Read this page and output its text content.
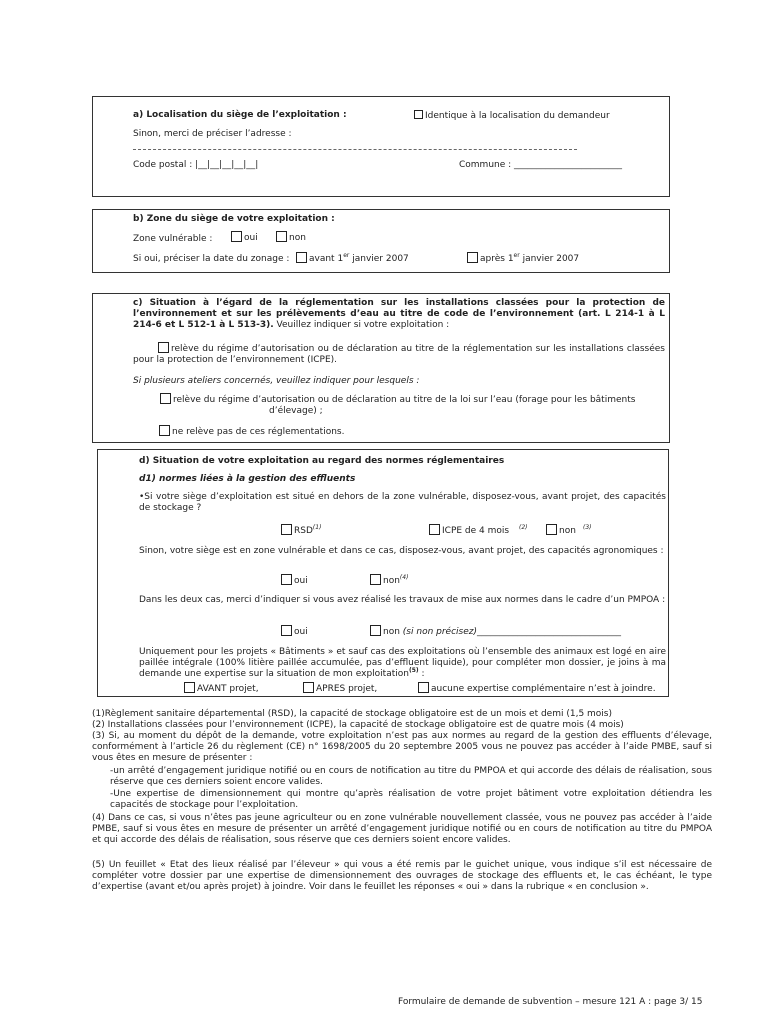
a) Localisation du siège de l’exploitation :	Identique à la localisation du demandeur
Sinon, merci de préciser l’adresse :
Code postal : |__|__|__|__|__|	Commune : ________________________
b) Zone du siège de votre exploitation :
Zone vulnérable :	oui	non
Si oui, préciser la date du zonage :	avant 1er janvier 2007	après 1er janvier 2007
c) Situation à l’égard de la réglementation sur les installations classées pour la protection de l’environnement et sur les prélèvements d’eau au titre de code de l’environnement (art. L 214-1 à L 214-6 et L 512-1 à L 513-3). Veuillez indiquer si votre exploitation :
relève du régime d’autorisation ou de déclaration au titre de la réglementation sur les installations classées pour la protection de l’environnement (ICPE).
Si plusieurs ateliers concernés, veuillez indiquer pour lesquels :
relève du régime d’autorisation ou de déclaration au titre de la loi sur l’eau (forage pour les bâtiments
d’élevage) ;
ne relève pas de ces réglementations.
d) Situation de votre exploitation au regard des normes réglementaires
d1) normes liées à la gestion des effluents
•Si votre siège d’exploitation est situé en dehors de la zone vulnérable, disposez-vous, avant projet, des capacités de stockage ?
RSD$^{(1)}$	ICPE de 4 mois (2)	non (3)
Sinon, votre siège est en zone vulnérable et dans ce cas, disposez-vous, avant projet, des capacités agronomiques :
oui	non$^{(4)}$
Dans les deux cas, merci d’indiquer si vous avez réalisé les travaux de mise aux normes dans le cadre d’un PMPOA :
oui	non (si non précisez)________________________________
Uniquement pour les projets « Bâtiments » et sauf cas des exploitations où l’ensemble des animaux est logé en aire paillée intégrale (100% litière paillée accumulée, pas d’effluent liquide), pour compléter mon dossier, je joins à ma demande une expertise sur la situation de mon exploitation$^{(5)}$ :
AVANT projet,	APRES projet,	aucune expertise complémentaire n’est à joindre.
(1)Règlement sanitaire départemental (RSD), la capacité de stockage obligatoire est de un mois et demi (1,5 mois)
(2) Installations classées pour l’environnement (ICPE), la capacité de stockage obligatoire est de quatre mois (4 mois)
(3) Si, au moment du dépôt de la demande, votre exploitation n’est pas aux normes au regard de la gestion des effluents d’élevage, conformément à l’article 26 du règlement (CE) n° 1698/2005 du 20 septembre 2005 vous ne pouvez pas accéder à l’aide PMBE, sauf si vous êtes en mesure de présenter :
-un arrêté d’engagement juridique notifié ou en cours de notification au titre du PMPOA et qui accorde des délais de réalisation, sous réserve que ces derniers soient encore valides.
-Une expertise de dimensionnement qui montre qu’après réalisation de votre projet bâtiment votre exploitation détiendra les capacités de stockage pour l’exploitation.
(4) Dans ce cas, si vous n’êtes pas jeune agriculteur ou en zone vulnérable nouvellement classée, vous ne pouvez pas accéder à l’aide PMBE, sauf si vous êtes en mesure de présenter un arrêté d’engagement juridique notifié ou en cours de notification au titre du PMPOA et qui accorde des délais de réalisation, sous réserve que ces derniers soient encore valides.
(5) Un feuillet « Etat des lieux réalisé par l’éleveur » qui vous a été remis par le guichet unique, vous indique s’il est nécessaire de compléter votre dossier par une expertise de dimensionnement des ouvrages de stockage des effluents et, le cas échéant, le type d’expertise (avant et/ou après projet) à joindre. Voir dans le feuillet les réponses « oui » dans la rubrique « en conclusion ».
Formulaire de demande de subvention – mesure 121 A : page 3/ 15
